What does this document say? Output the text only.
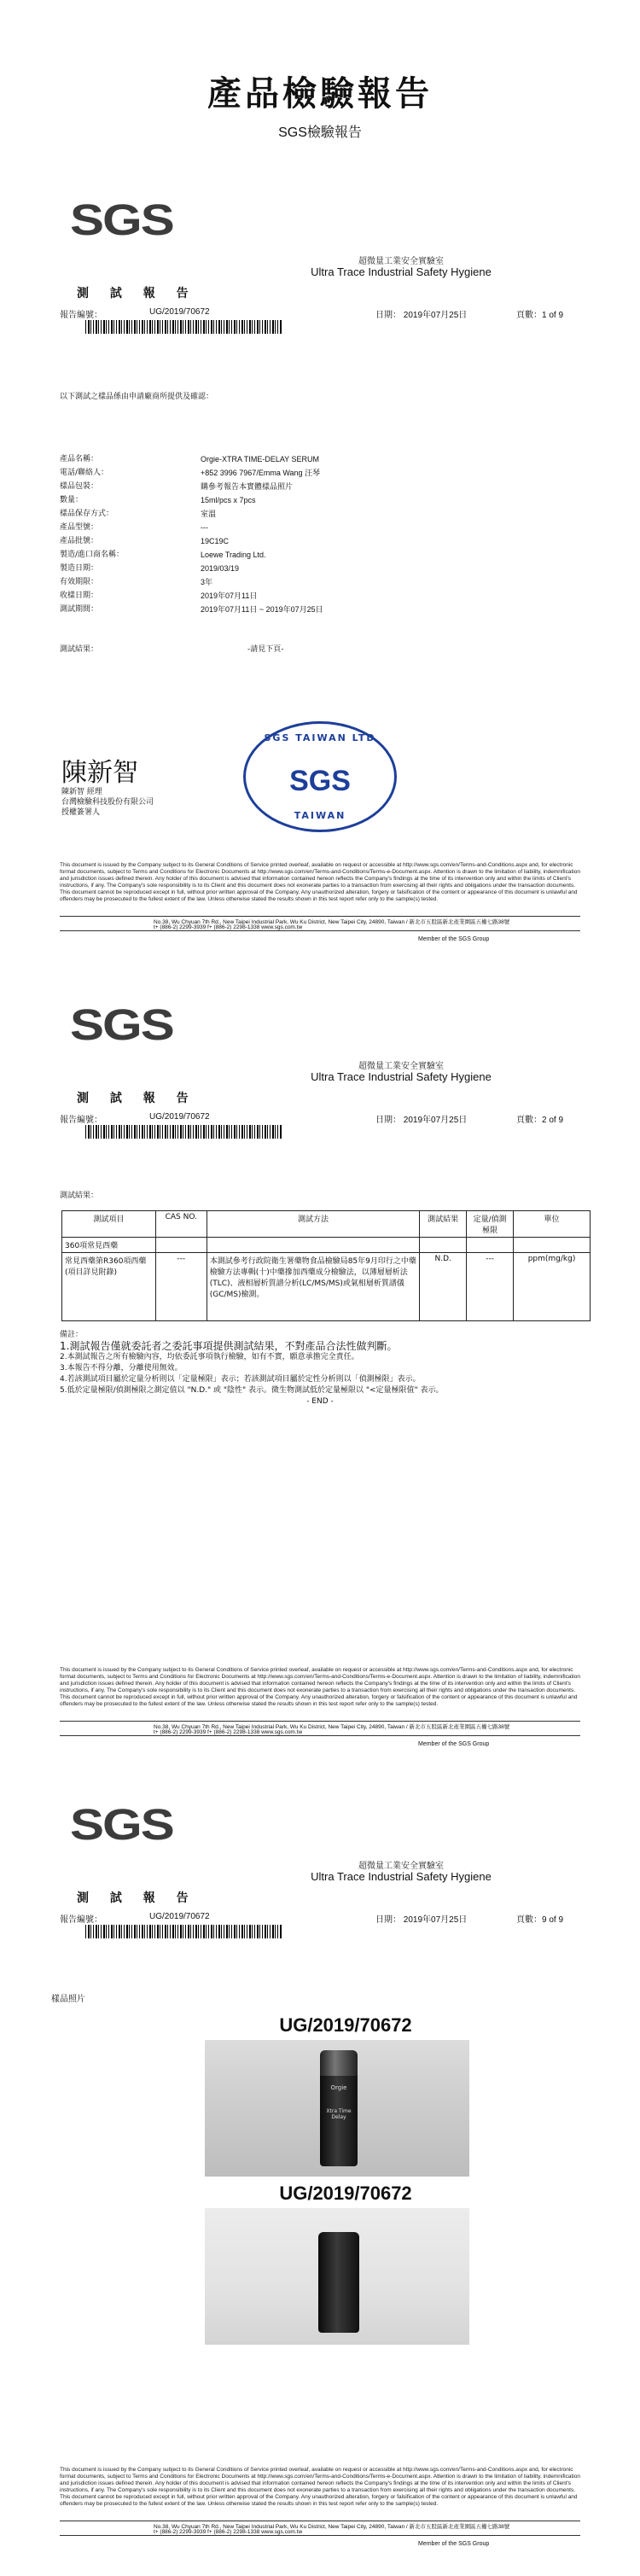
產品檢驗報告
SGS檢驗報告
SGS
超微量工業安全實驗室
Ultra Trace Industrial Safety Hygiene
測 試 報 告
報告編號：	UG/2019/70672	日期： 2019年07月25日	頁數：1 of 9
以下測試之樣品係由申請廠商所提供及確認：
產品名稱：	Orgie-XTRA TIME-DELAY SERUM
電話/聯絡人：	+852 3996 7967/Emma Wang 汪琴
樣品包裝：	購參考報告本實體樣品照片
數量：	15ml/pcs x 7pcs
樣品保存方式：	室溫
產品型號：	---
產品批號：	19C19C
製造/進口商名稱：	Loewe Trading Ltd.
製造日期：	2019/03/19
有效期限：	3年
收樣日期：	2019年07月11日
測試期間：	2019年07月11日 ~ 2019年07月25日
測試結果：	-請見下頁-
陳新智
陳新智 經理
台灣檢驗科技股份有限公司
授權簽署人
SGS TAIWAN LTD
SGS
TAIWAN
This document is issued by the Company subject to its General Conditions of Service printed overleaf, available on request or accessible at http://www.sgs.com/en/Terms-and-Conditions.aspx and, for electronic format documents, subject to Terms and Conditions for Electronic Documents at http://www.sgs.com/en/Terms-and-Conditions/Terms-e-Document.aspx. Attention is drawn to the limitation of liability, indemnification and jurisdiction issues defined therein. Any holder of this document is advised that information contained hereon reflects the Company's findings at the time of its intervention only and within the limits of Client's instructions, if any. The Company's sole responsibility is to its Client and this document does not exonerate parties to a transaction from exercising all their rights and obligations under the transaction documents. This document cannot be reproduced except in full, without prior written approval of the Company. Any unauthorized alteration, forgery or falsification of the content or appearance of this document is unlawful and offenders may be prosecuted to the fullest extent of the law. Unless otherwise stated the results shown in this test report refer only to the sample(s) tested.
No.38, Wu Chyuan 7th Rd., New Taipei Industrial Park, Wu Ku District, New Taipei City, 24890, Taiwan / 新北市五股區新北產業園區五權七路38號
t+ (886-2) 2299-3939 f+ (886-2) 2298-1338 www.sgs.com.tw
Member of the SGS Group
SGS
超微量工業安全實驗室
Ultra Trace Industrial Safety Hygiene
測 試 報 告
報告編號：	UG/2019/70672	日期： 2019年07月25日	頁數：2 of 9
測試結果：
測試項目	CAS NO.	測試方法	測試結果	定量/偵測極限	單位
360項常見西藥					
常見西藥第R360項西藥(項目詳見附錄)	---	本測試參考行政院衛生署藥物食品檢驗局85年9月印行之中藥檢驗方法專輯(十)中藥摻加西藥成分檢驗法，以薄層層析法(TLC)、液相層析質譜分析(LC/MS/MS)或氣相層析質譜儀(GC/MS)檢測。	N.D.	---	ppm(mg/kg)
備註：
1.測試報告僅就委託者之委託事項提供測試結果，不對產品合法性做判斷。
2.本測試報告之所有檢驗內容，均依委託事項執行檢驗，如有不實，願意承擔完全責任。
3.本報告不得分離，分離使用無效。
4.若該測試項目屬於定量分析則以「定量極限」表示；若該測試項目屬於定性分析則以「偵測極限」表示。
5.低於定量極限/偵測極限之測定值以 "N.D." 或 "陰性" 表示。微生物測試低於定量極限以 "<定量極限值" 表示。
- END -
This document is issued by the Company subject to its General Conditions of Service printed overleaf, available on request or accessible at http://www.sgs.com/en/Terms-and-Conditions.aspx and, for electronic format documents, subject to Terms and Conditions for Electronic Documents at http://www.sgs.com/en/Terms-and-Conditions/Terms-e-Document.aspx. Attention is drawn to the limitation of liability, indemnification and jurisdiction issues defined therein. Any holder of this document is advised that information contained hereon reflects the Company's findings at the time of its intervention only and within the limits of Client's instructions, if any. The Company's sole responsibility is to its Client and this document does not exonerate parties to a transaction from exercising all their rights and obligations under the transaction documents. This document cannot be reproduced except in full, without prior written approval of the Company. Any unauthorized alteration, forgery or falsification of the content or appearance of this document is unlawful and offenders may be prosecuted to the fullest extent of the law. Unless otherwise stated the results shown in this test report refer only to the sample(s) tested.
No.38, Wu Chyuan 7th Rd., New Taipei Industrial Park, Wu Ku District, New Taipei City, 24890, Taiwan / 新北市五股區新北產業園區五權七路38號
t+ (886-2) 2299-3939 f+ (886-2) 2298-1338 www.sgs.com.tw
Member of the SGS Group
SGS
超微量工業安全實驗室
Ultra Trace Industrial Safety Hygiene
測 試 報 告
報告編號：	UG/2019/70672	日期： 2019年07月25日	頁數：9 of 9
樣品照片
UG/2019/70672
Orgie
Xtra Time Delay
UG/2019/70672
This document is issued by the Company subject to its General Conditions of Service printed overleaf, available on request or accessible at http://www.sgs.com/en/Terms-and-Conditions.aspx and, for electronic format documents, subject to Terms and Conditions for Electronic Documents at http://www.sgs.com/en/Terms-and-Conditions/Terms-e-Document.aspx. Attention is drawn to the limitation of liability, indemnification and jurisdiction issues defined therein. Any holder of this document is advised that information contained hereon reflects the Company's findings at the time of its intervention only and within the limits of Client's instructions, if any. The Company's sole responsibility is to its Client and this document does not exonerate parties to a transaction from exercising all their rights and obligations under the transaction documents. This document cannot be reproduced except in full, without prior written approval of the Company. Any unauthorized alteration, forgery or falsification of the content or appearance of this document is unlawful and offenders may be prosecuted to the fullest extent of the law. Unless otherwise stated the results shown in this test report refer only to the sample(s) tested.
No.38, Wu Chyuan 7th Rd., New Taipei Industrial Park, Wu Ku District, New Taipei City, 24890, Taiwan / 新北市五股區新北產業園區五權七路38號
t+ (886-2) 2299-3939 f+ (886-2) 2298-1338 www.sgs.com.tw
Member of the SGS Group
